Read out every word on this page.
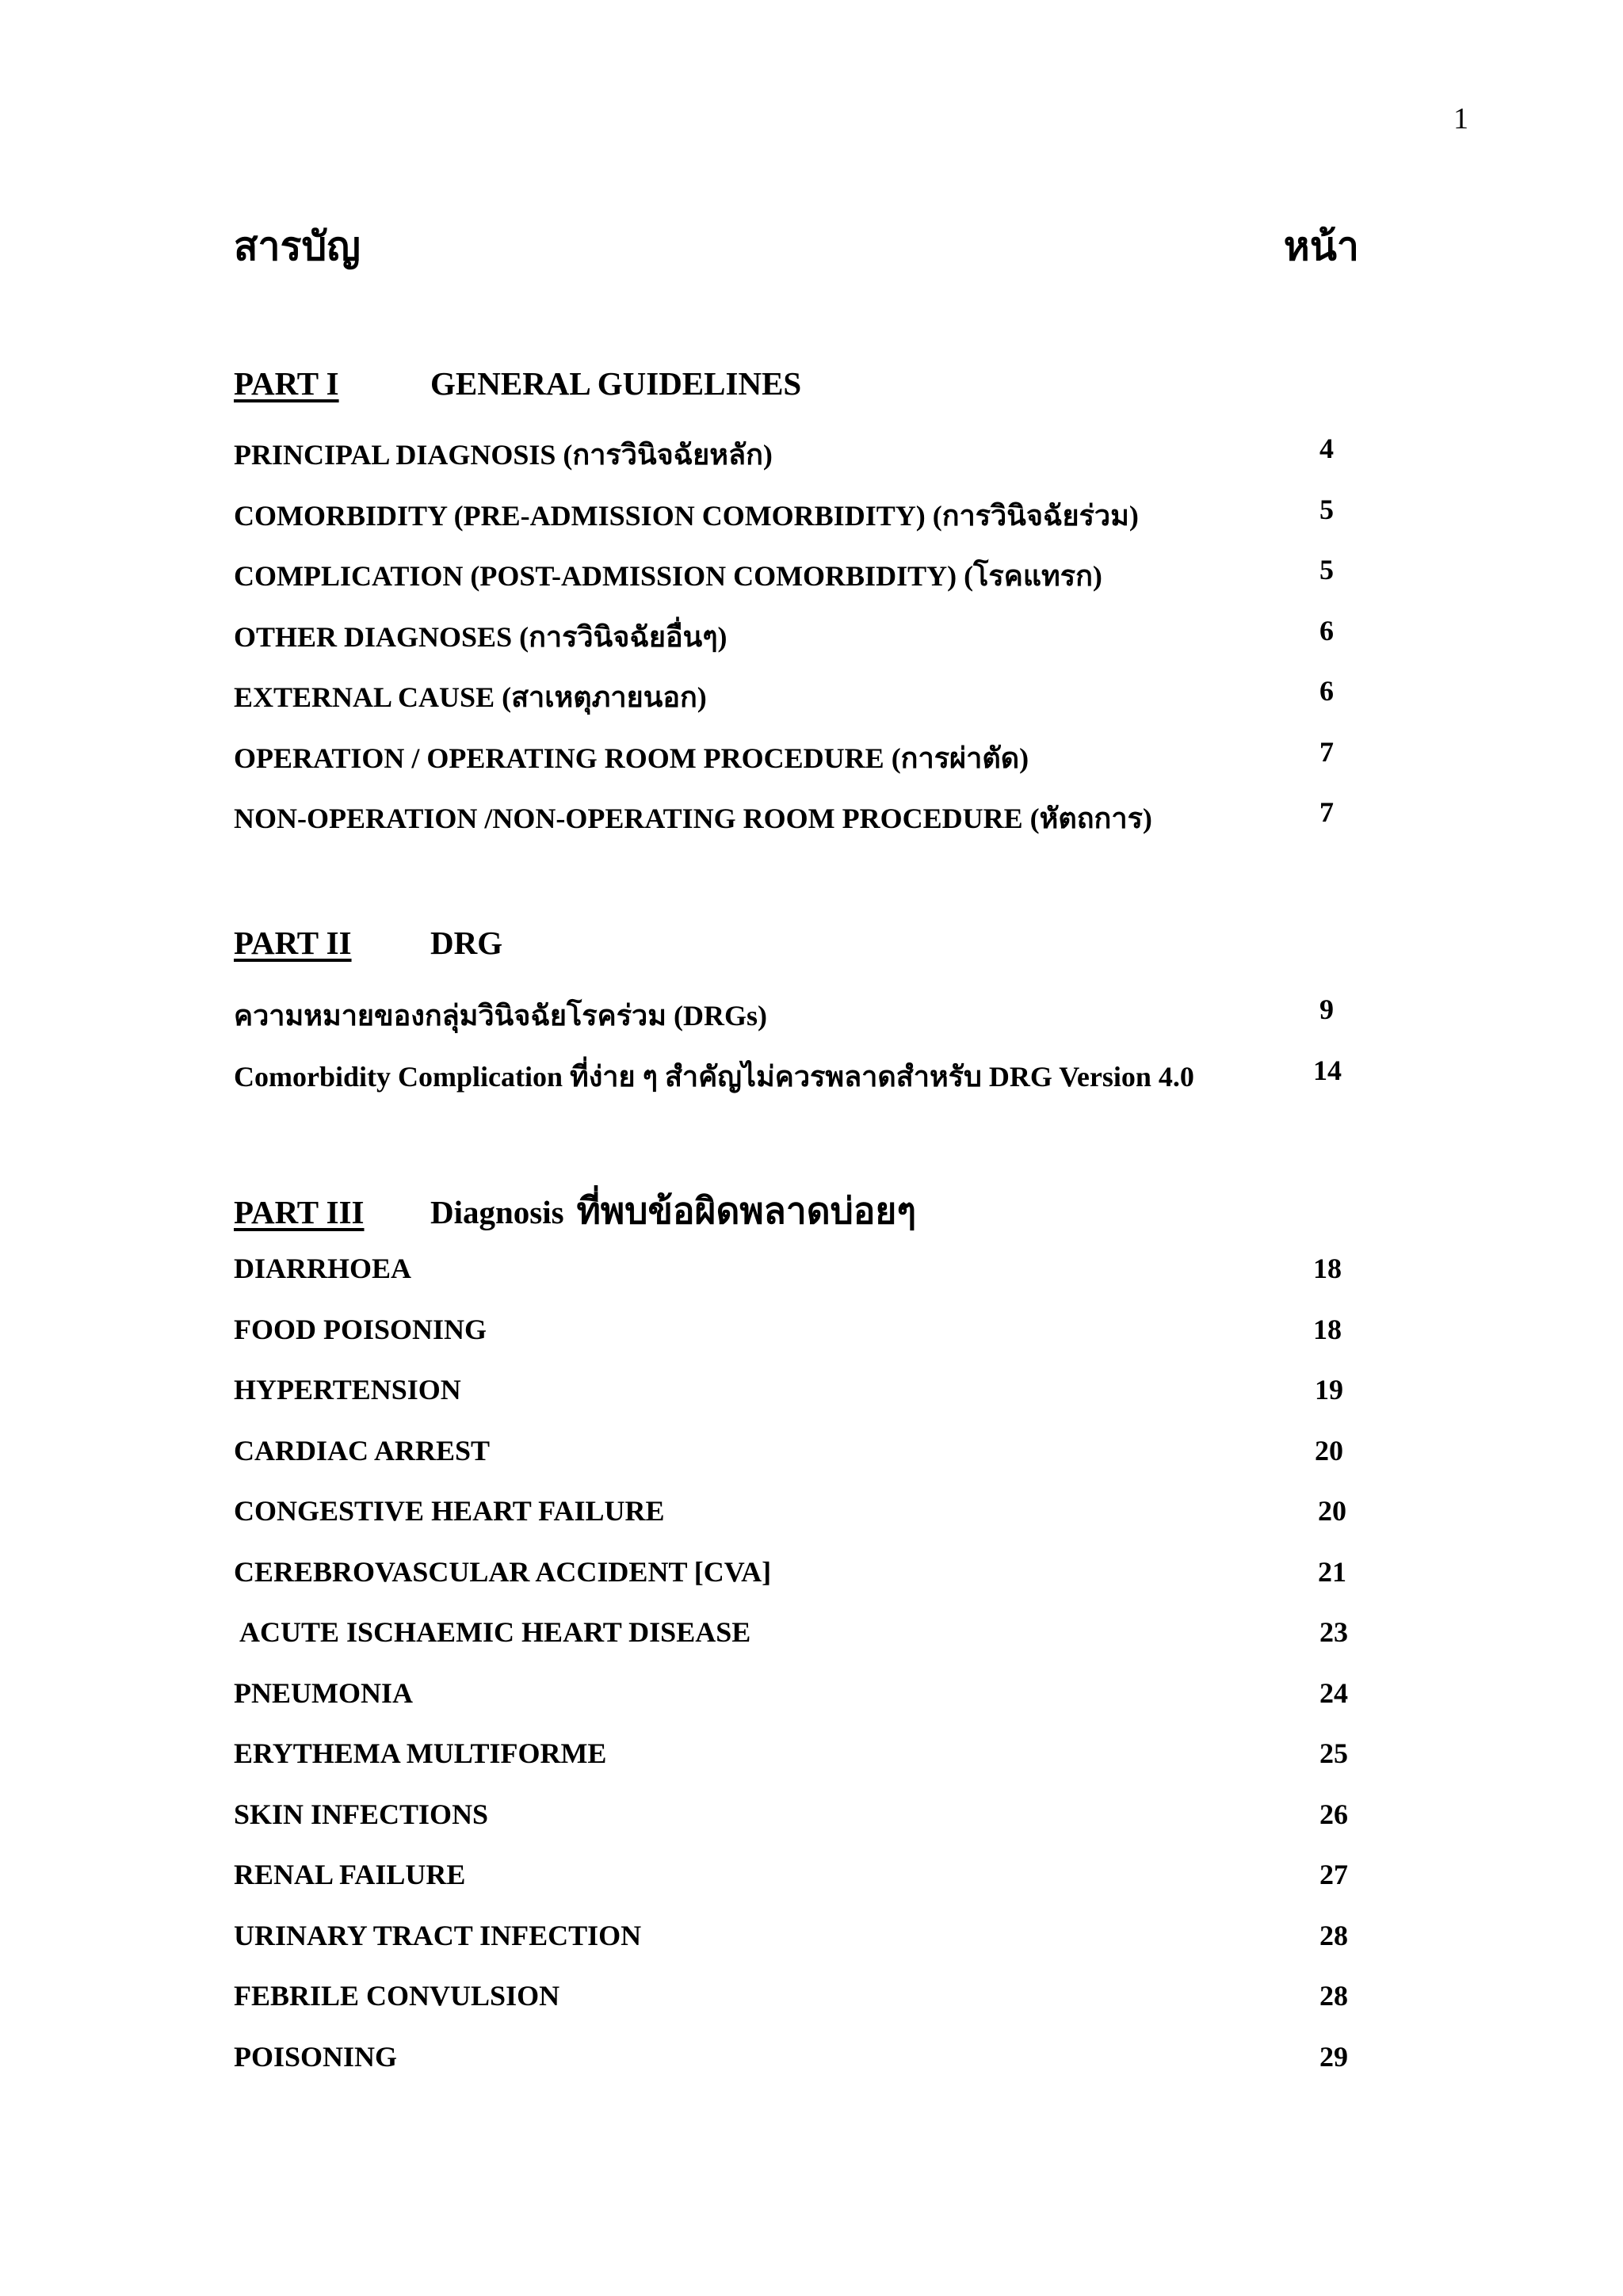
1
สารบัญ	หน้า
PART I	GENERAL GUIDELINES
PRINCIPAL DIAGNOSIS (การวินิจฉัยหลัก)	4
COMORBIDITY (PRE-ADMISSION COMORBIDITY) (การวินิจฉัยร่วม)	5
COMPLICATION (POST-ADMISSION COMORBIDITY) (โรคแทรก)	5
OTHER DIAGNOSES (การวินิจฉัยอื่นๆ)	6
EXTERNAL CAUSE (สาเหตุภายนอก)	6
OPERATION / OPERATING ROOM PROCEDURE (การผ่าตัด)	7
NON-OPERATION /NON-OPERATING ROOM PROCEDURE (หัตถการ)	7
PART II DRG
ความหมายของกลุ่มวินิจฉัยโรคร่วม (DRGs)	9
Comorbidity Complication ที่ง่าย ๆ สำคัญไม่ควรพลาดสำหรับ DRG Version 4.0	14
PART III Diagnosis ที่พบข้อผิดพลาดบ่อยๆ
DIARRHOEA	18
FOOD POISONING	18
HYPERTENSION	19
CARDIAC ARREST	20
CONGESTIVE HEART FAILURE	20
CEREBROVASCULAR ACCIDENT [CVA]	21
ACUTE ISCHAEMIC HEART DISEASE	23
PNEUMONIA	24
ERYTHEMA MULTIFORME	25
SKIN INFECTIONS	26
RENAL FAILURE	27
URINARY TRACT INFECTION	28
FEBRILE CONVULSION	28
POISONING	29
